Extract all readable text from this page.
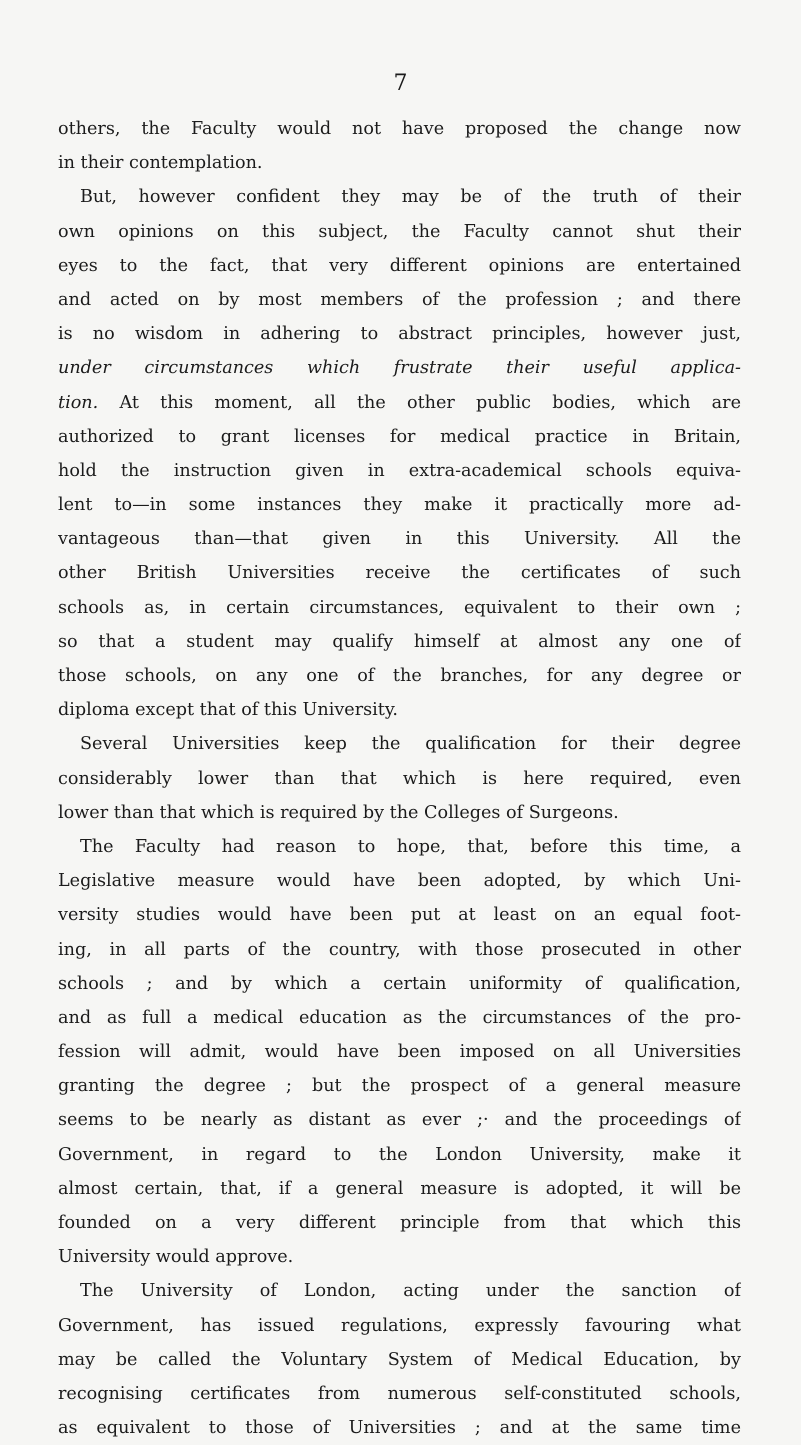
7
others, the Faculty would not have proposed the change now
in their contemplation.
But, however confident they may be of the truth of their
own opinions on this subject, the Faculty cannot shut their
eyes to the fact, that very different opinions are entertained
and acted on by most members of the profession ; and there
is no wisdom in adhering to abstract principles, however just,
under circumstances which frustrate their useful applica-
tion. At this moment, all the other public bodies, which are
authorized to grant licenses for medical practice in Britain,
hold the instruction given in extra-academical schools equiva-
lent to—in some instances they make it practically more ad-
vantageous than—that given in this University. All the
other British Universities receive the certificates of such
schools as, in certain circumstances, equivalent to their own ;
so that a student may qualify himself at almost any one of
those schools, on any one of the branches, for any degree or
diploma except that of this University.
Several Universities keep the qualification for their degree
considerably lower than that which is here required, even
lower than that which is required by the Colleges of Surgeons.
The Faculty had reason to hope, that, before this time, a
Legislative measure would have been adopted, by which Uni-
versity studies would have been put at least on an equal foot-
ing, in all parts of the country, with those prosecuted in other
schools ; and by which a certain uniformity of qualification,
and as full a medical education as the circumstances of the pro-
fession will admit, would have been imposed on all Universities
granting the degree ; but the prospect of a general measure
seems to be nearly as distant as ever ;· and the proceedings of
Government, in regard to the London University, make it
almost certain, that, if a general measure is adopted, it will be
founded on a very different principle from that which this
University would approve.
The University of London, acting under the sanction of
Government, has issued regulations, expressly favouring what
may be called the Voluntary System of Medical Education, by
recognising certificates from numerous self-constituted schools,
as equivalent to those of Universities ; and at the same time
